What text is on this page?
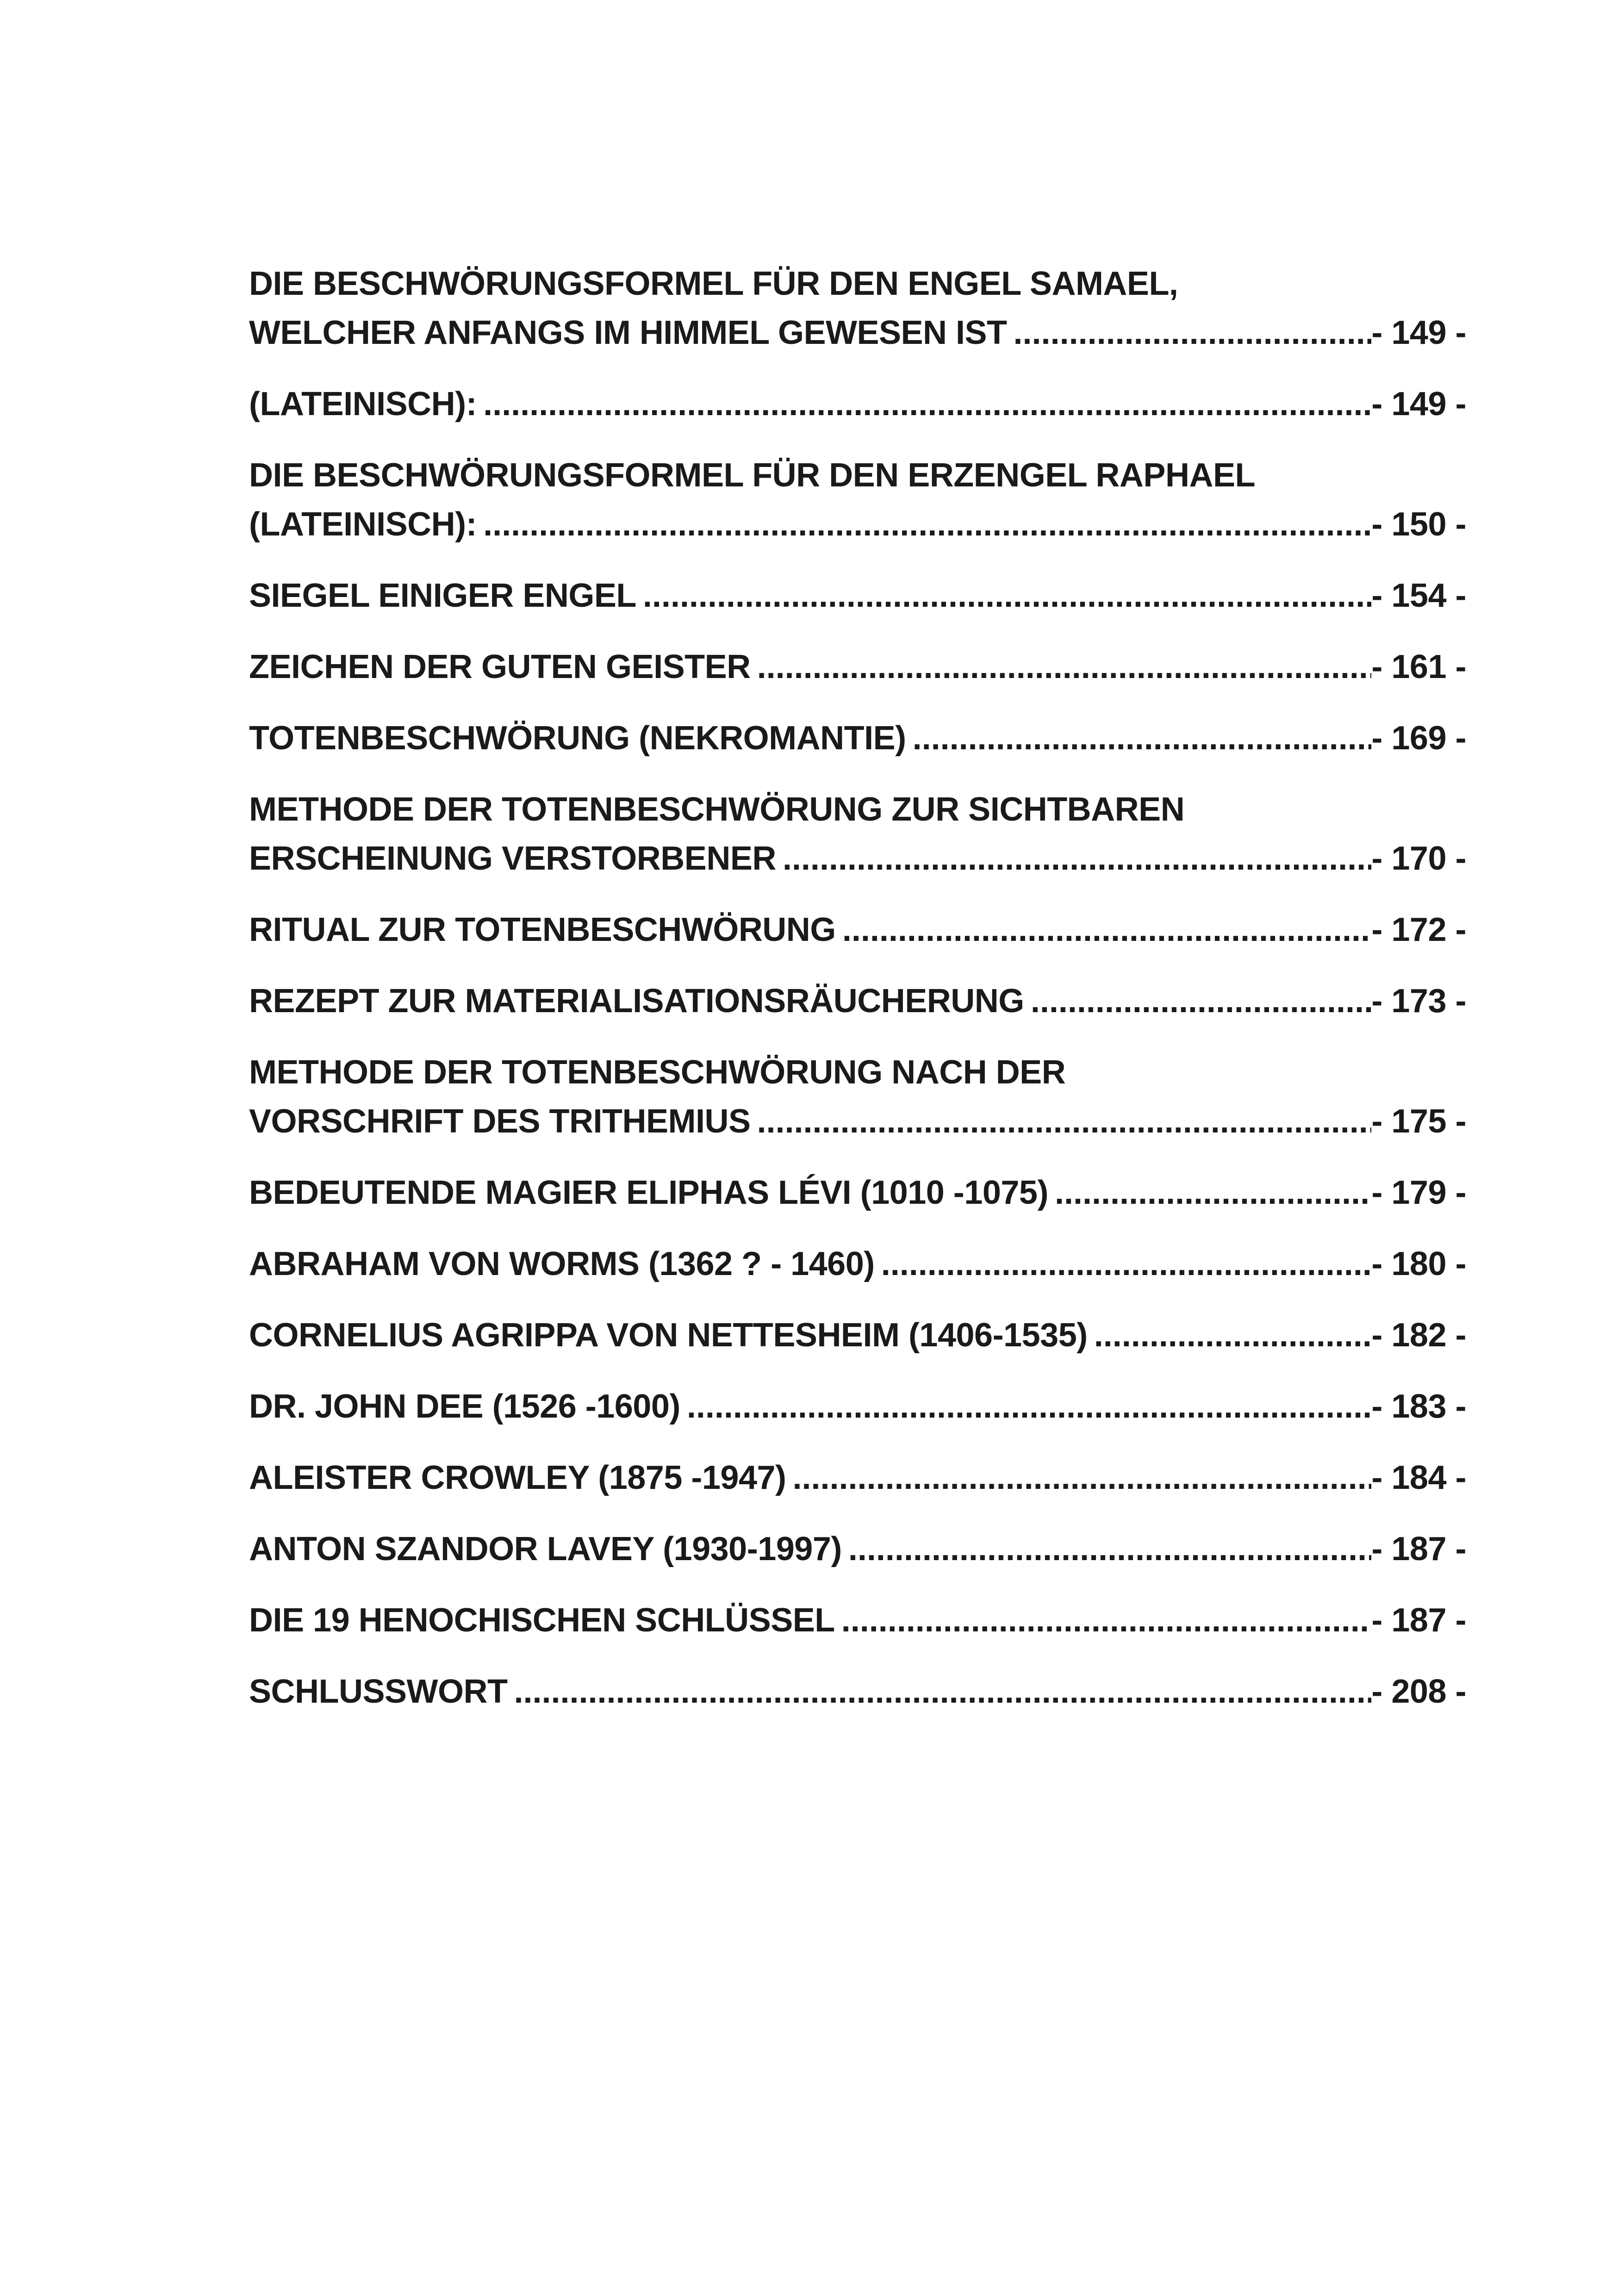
DIE BESCHWÖRUNGSFORMEL FÜR DEN ENGEL SAMAEL,
WELCHER ANFANGS IM HIMMEL GEWESEN IST .....	- 149 -
(LATEINISCH): .....	- 149 -
DIE BESCHWÖRUNGSFORMEL FÜR DEN ERZENGEL RAPHAEL
(LATEINISCH): .....	- 150 -
SIEGEL EINIGER ENGEL .....	- 154 -
ZEICHEN DER GUTEN GEISTER .....	- 161 -
TOTENBESCHWÖRUNG (NEKROMANTIE) .....	- 169 -
METHODE DER TOTENBESCHWÖRUNG ZUR SICHTBAREN
ERSCHEINUNG VERSTORBENER .....	- 170 -
RITUAL ZUR TOTENBESCHWÖRUNG .....	- 172 -
REZEPT ZUR MATERIALISATIONSRÄUCHERUNG .....	- 173 -
METHODE DER TOTENBESCHWÖRUNG NACH DER
VORSCHRIFT DES TRITHEMIUS .....	- 175 -
BEDEUTENDE MAGIER ELIPHAS LÉVI (1010 -1075) .....	- 179 -
ABRAHAM VON WORMS (1362 ? - 1460) .....	- 180 -
CORNELIUS AGRIPPA VON NETTESHEIM (1406-1535) .....	- 182 -
DR. JOHN DEE (1526 -1600) .....	- 183 -
ALEISTER CROWLEY (1875 -1947) .....	- 184 -
ANTON SZANDOR LAVEY (1930-1997) .....	- 187 -
DIE 19 HENOCHISCHEN SCHLÜSSEL .....	- 187 -
SCHLUSSWORT .....	- 208 -
